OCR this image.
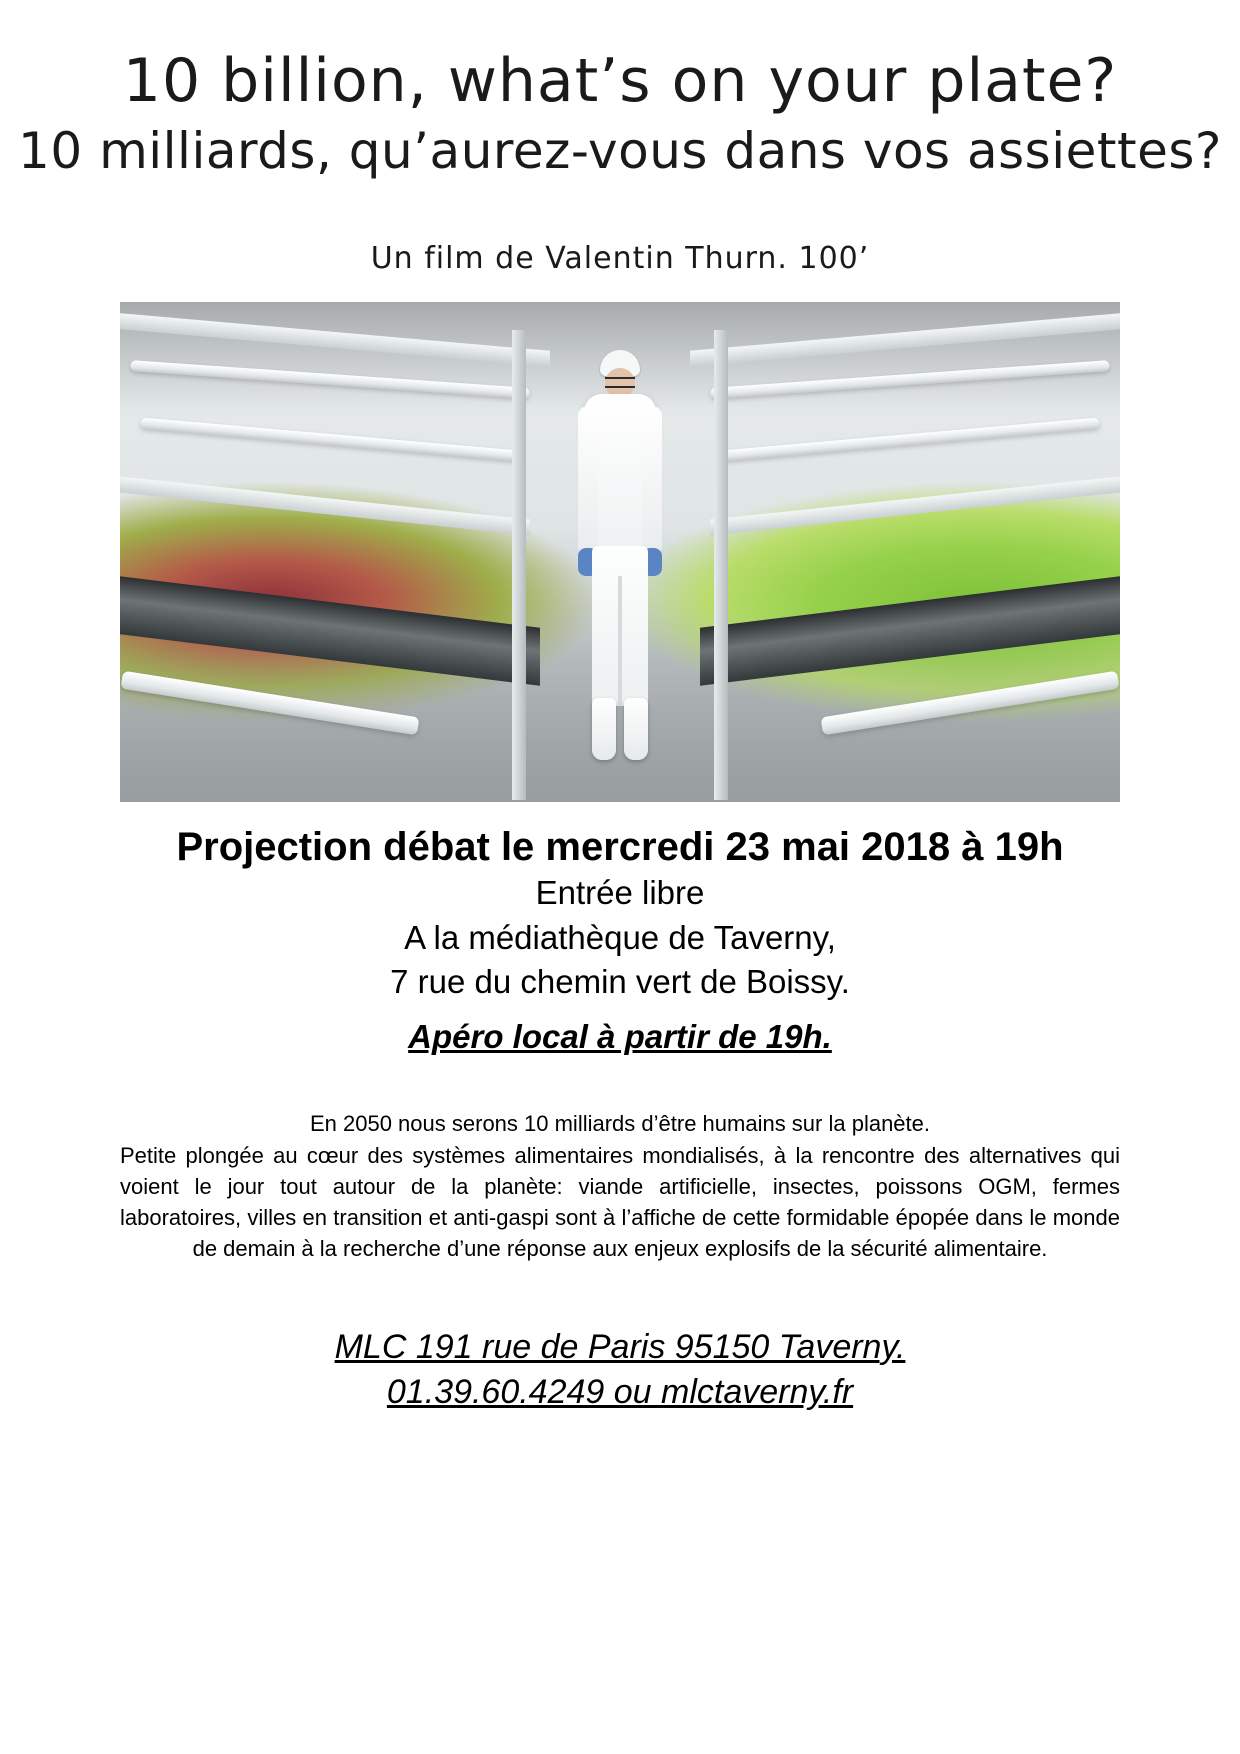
10 billion, what’s on your plate?
10 milliards, qu’aurez-vous dans vos assiettes?
Un film de Valentin Thurn. 100’
Projection débat le mercredi 23 mai 2018 à 19h
Entrée libre
A la médiathèque de Taverny,
7 rue du chemin vert de Boissy.
Apéro local à partir de 19h.
En 2050 nous serons 10 milliards d’être humains sur la planète.
Petite plongée au cœur des systèmes alimentaires mondialisés, à la rencontre des alternatives qui voient le jour tout autour de la planète: viande artificielle, insectes, poissons OGM, fermes laboratoires, villes en transition et anti-gaspi sont à l’affiche de cette formidable épopée dans le monde de demain à la recherche d’une réponse aux enjeux explosifs de la sécurité alimentaire.
MLC 191 rue de Paris 95150 Taverny.
01.39.60.4249 ou mlctaverny.fr
